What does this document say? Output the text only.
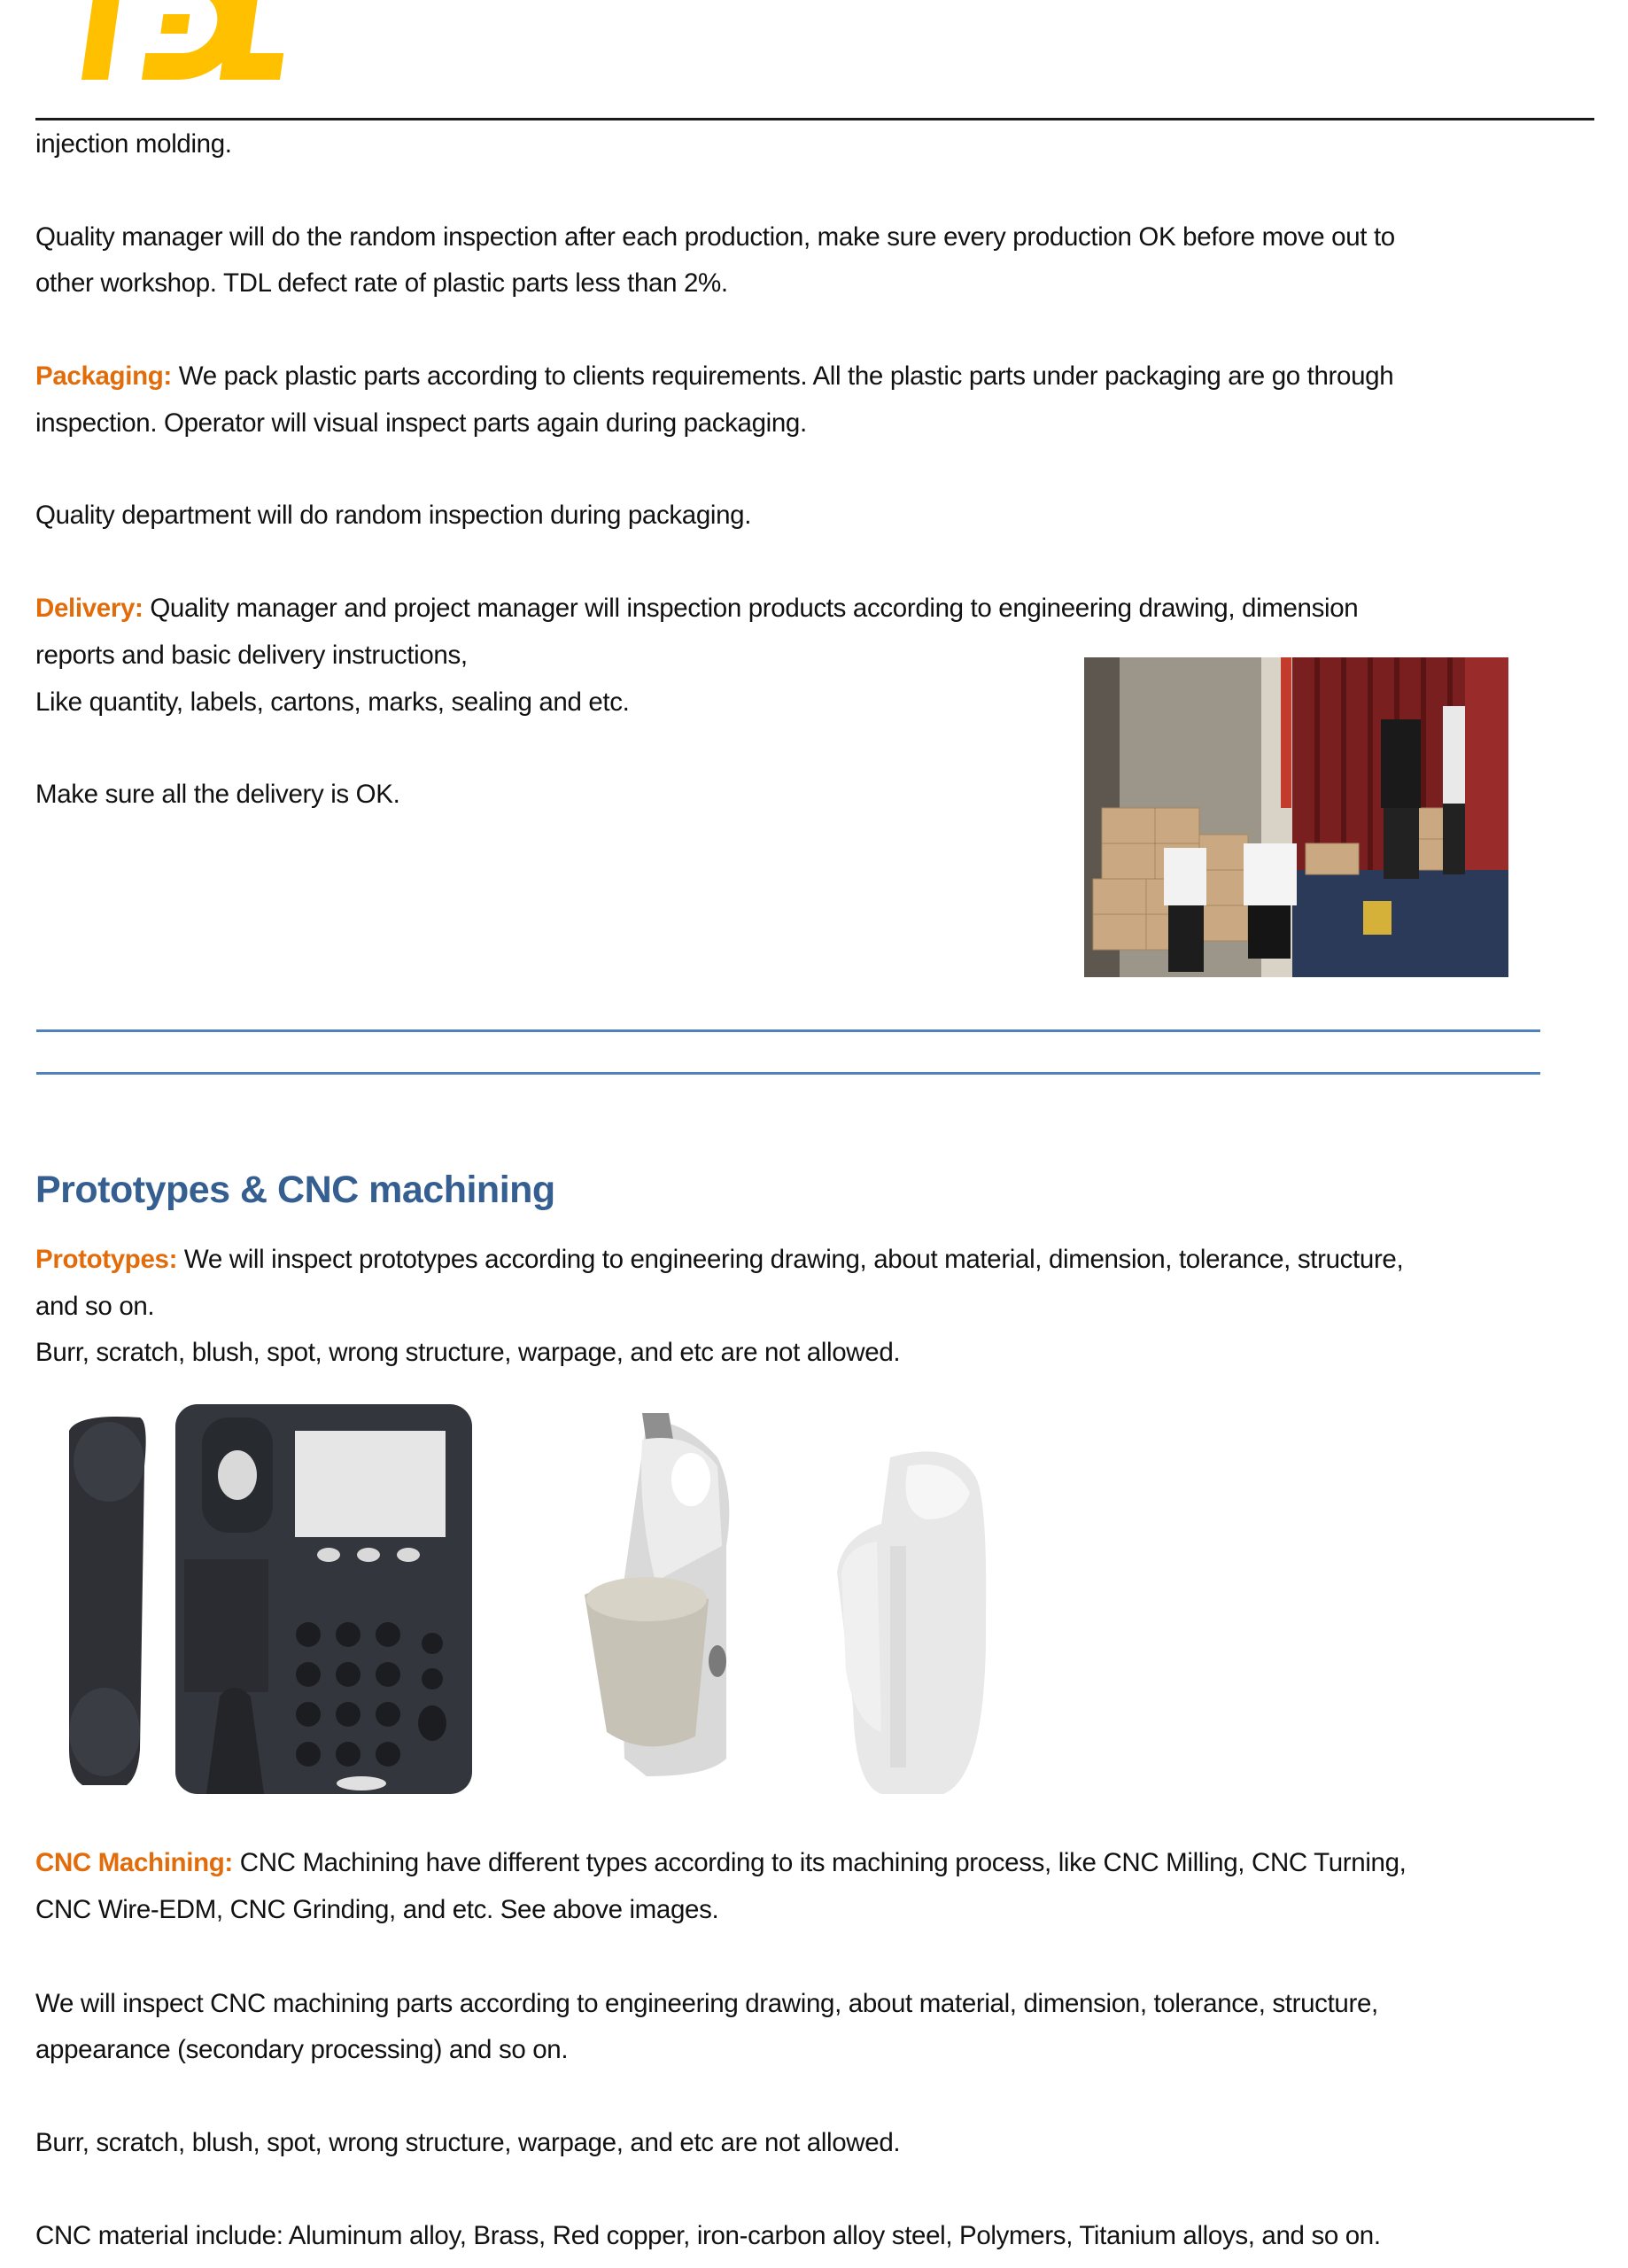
injection molding.
Quality manager will do the random inspection after each production, make sure every production OK before move out to
other workshop. TDL defect rate of plastic parts less than 2%.
Packaging: We pack plastic parts according to clients requirements. All the plastic parts under packaging are go through
inspection. Operator will visual inspect parts again during packaging.
Quality department will do random inspection during packaging.
Delivery: Quality manager and project manager will inspection products according to engineering drawing, dimension
reports and basic delivery instructions,
Like quantity, labels, cartons, marks, sealing and etc.
Make sure all the delivery is OK.
Prototypes & CNC machining
Prototypes: We will inspect prototypes according to engineering drawing, about material, dimension, tolerance, structure,
and so on.
Burr, scratch, blush, spot, wrong structure, warpage, and etc are not allowed.
CNC Machining: CNC Machining have different types according to its machining process, like CNC Milling, CNC Turning,
CNC Wire-EDM, CNC Grinding, and etc. See above images.
We will inspect CNC machining parts according to engineering drawing, about material, dimension, tolerance, structure,
appearance (secondary processing) and so on.
Burr, scratch, blush, spot, wrong structure, warpage, and etc are not allowed.
CNC material include: Aluminum alloy, Brass, Red copper, iron-carbon alloy steel, Polymers, Titanium alloys, and so on.
